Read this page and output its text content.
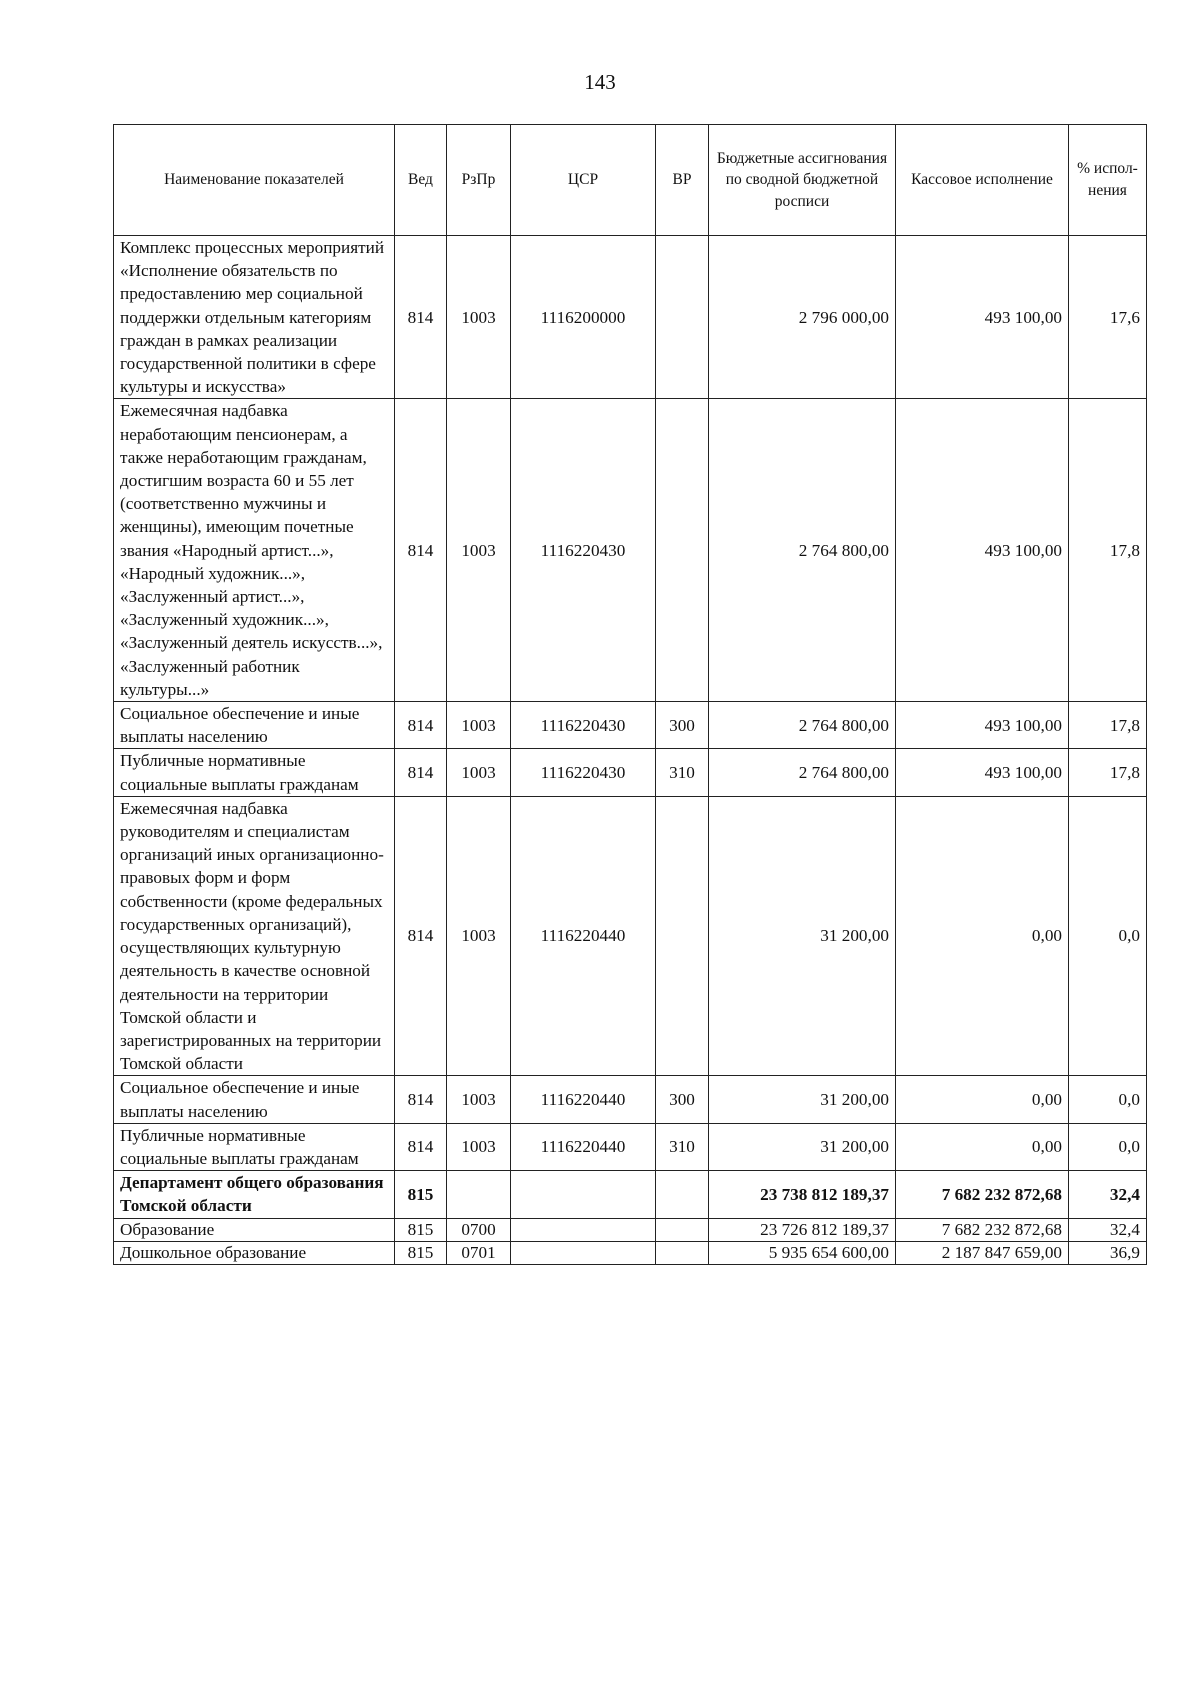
143
Наименование показателей	Вед	РзПр	ЦСР	ВР	Бюджетные ассигнования по сводной бюджетной росписи	Кассовое исполнение	% испол-нения
Комплекс процессных мероприятий «Исполнение обязательств по предоставлению мер социальной поддержки отдельным категориям граждан в рамках реализации государственной политики в сфере культуры и искусства»	814	1003	1116200000		2 796 000,00	493 100,00	17,6
Ежемесячная надбавка неработающим пенсионерам, а также неработающим гражданам, достигшим возраста 60 и 55 лет (соответственно мужчины и женщины), имеющим почетные звания «Народный артист...», «Народный художник...», «Заслуженный артист...», «Заслуженный художник...», «Заслуженный деятель искусств...», «Заслуженный работник культуры...»	814	1003	1116220430		2 764 800,00	493 100,00	17,8
Социальное обеспечение и иные выплаты населению	814	1003	1116220430	300	2 764 800,00	493 100,00	17,8
Публичные нормативные социальные выплаты гражданам	814	1003	1116220430	310	2 764 800,00	493 100,00	17,8
Ежемесячная надбавка руководителям и специалистам организаций иных организационно-правовых форм и форм собственности (кроме федеральных государственных организаций), осуществляющих культурную деятельность в качестве основной деятельности на территории Томской области и зарегистрированных на территории Томской области	814	1003	1116220440		31 200,00	0,00	0,0
Социальное обеспечение и иные выплаты населению	814	1003	1116220440	300	31 200,00	0,00	0,0
Публичные нормативные социальные выплаты гражданам	814	1003	1116220440	310	31 200,00	0,00	0,0
Департамент общего образования Томской области	815				23 738 812 189,37	7 682 232 872,68	32,4
Образование	815	0700			23 726 812 189,37	7 682 232 872,68	32,4
Дошкольное образование	815	0701			5 935 654 600,00	2 187 847 659,00	36,9
